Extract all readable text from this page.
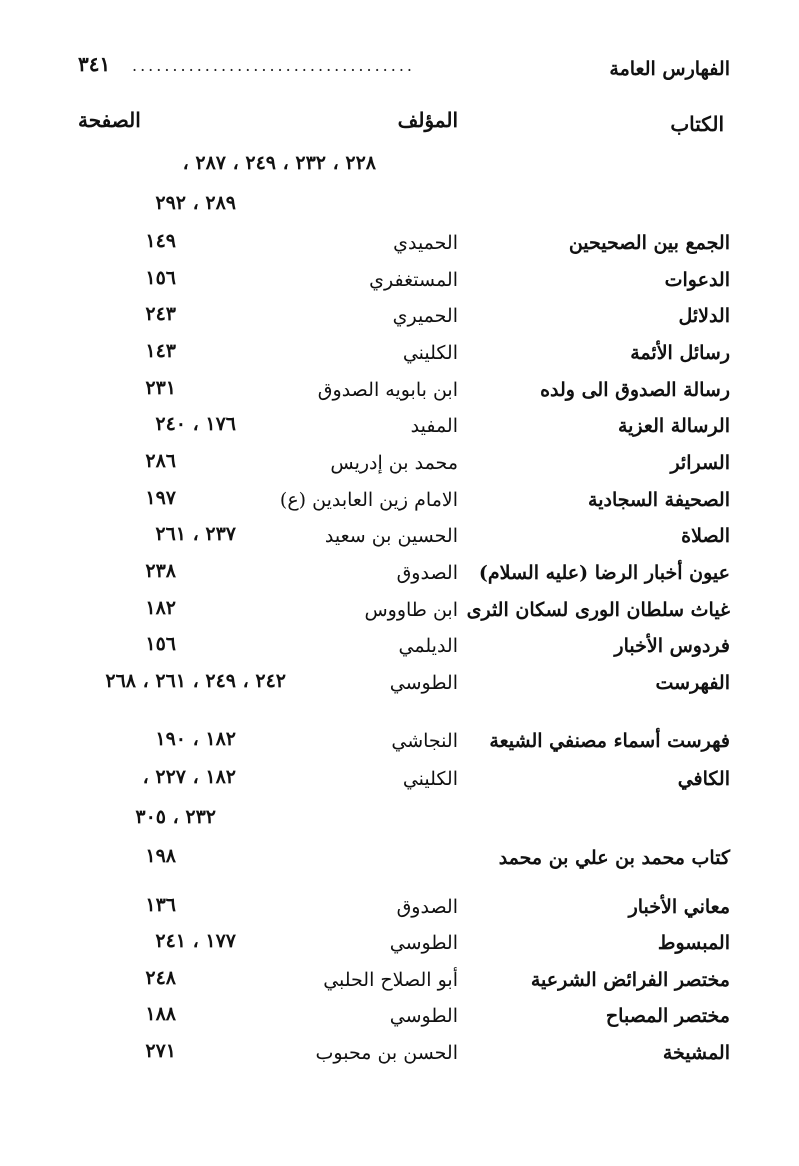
الفهارس العامة
...................................
٣٤١
الكتاب
المؤلف
الصفحة
٢٢٨ ، ٢٣٢ ، ٢٤٩ ، ٢٨٧ ،
٢٨٩ ، ٢٩٢
الجمع بين الصحيحين
الحميدي
١٤٩
الدعوات
المستغفري
١٥٦
الدلائل
الحميري
٢٤٣
رسائل الأئمة
الكليني
١٤٣
رسالة الصدوق الى ولده
ابن بابويه الصدوق
٢٣١
الرسالة العزية
المفيد
١٧٦ ، ٢٤٠
السرائر
محمد بن إدريس
٢٨٦
الصحيفة السجادية
الامام زين العابدين (ع)
١٩٧
الصلاة
الحسين بن سعيد
٢٣٧ ، ٢٦١
عيون أخبار الرضا (عليه السلام)
الصدوق
٢٣٨
غياث سلطان الورى لسكان الثرى
ابن طاووس
١٨٢
فردوس الأخبار
الديلمي
١٥٦
الفهرست
الطوسي
٢٤٢ ، ٢٤٩ ، ٢٦١ ، ٢٦٨
فهرست أسماء مصنفي الشيعة
النجاشي
١٨٢ ، ١٩٠
الكافي
الكليني
١٨٢ ، ٢٢٧ ،
٢٣٢ ، ٣٠٥
كتاب محمد بن علي بن محمد
١٩٨
معاني الأخبار
الصدوق
١٣٦
المبسوط
الطوسي
١٧٧ ، ٢٤١
مختصر الفرائض الشرعية
أبو الصلاح الحلبي
٢٤٨
مختصر المصباح
الطوسي
١٨٨
المشيخة
الحسن بن محبوب
٢٧١
